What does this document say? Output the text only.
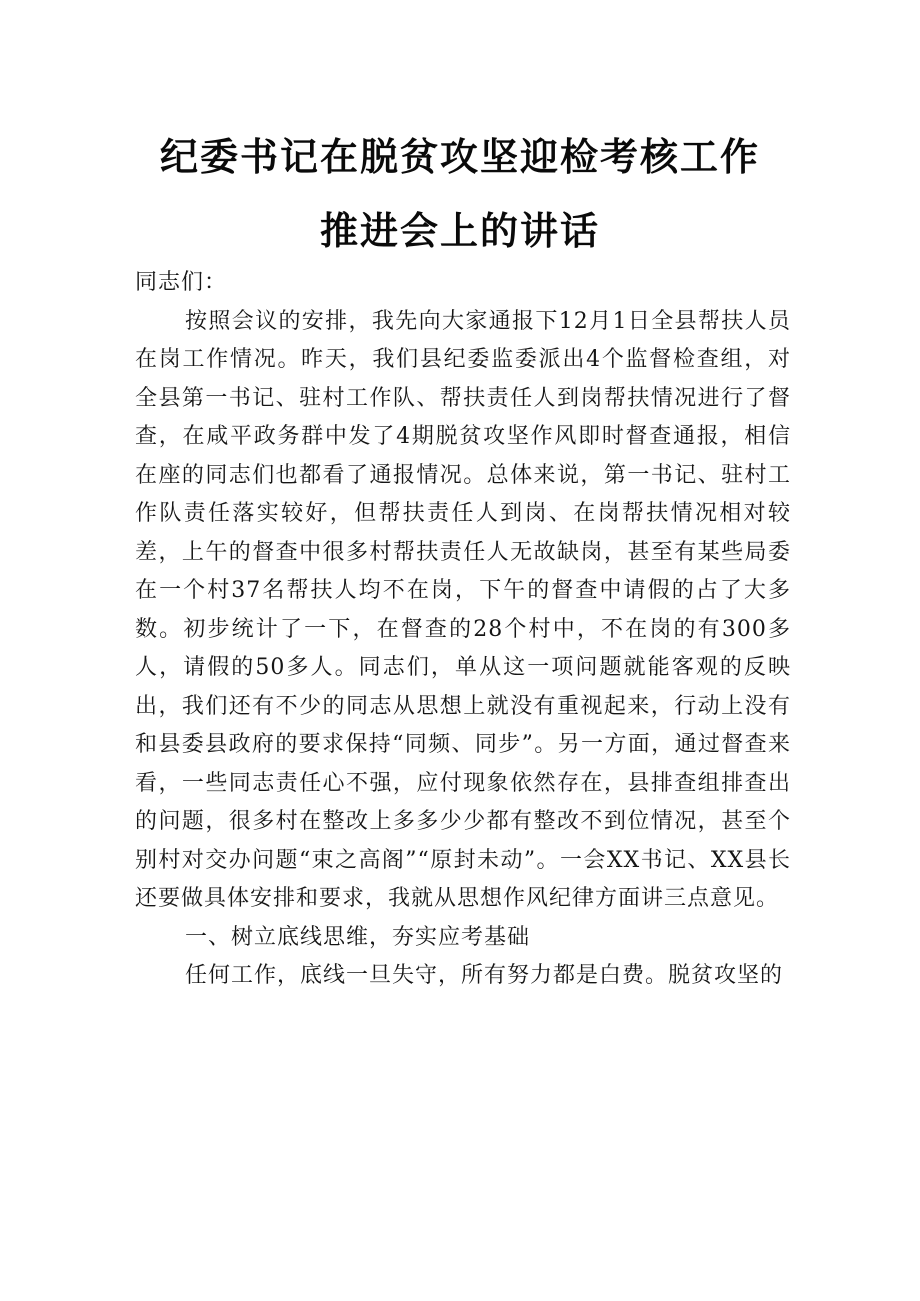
纪委书记在脱贫攻坚迎检考核工作
推进会上的讲话

同志们：

按照会议的安排，我先向大家通报下12月1日全县帮扶人员在岗工作情况。昨天，我们县纪委监委派出4个监督检查组，对全县第一书记、驻村工作队、帮扶责任人到岗帮扶情况进行了督查，在咸平政务群中发了4期脱贫攻坚作风即时督查通报，相信在座的同志们也都看了通报情况。总体来说，第一书记、驻村工作队责任落实较好，但帮扶责任人到岗、在岗帮扶情况相对较差，上午的督查中很多村帮扶责任人无故缺岗，甚至有某些局委在一个村37名帮扶人均不在岗，下午的督查中请假的占了大多数。初步统计了一下，在督查的28个村中，不在岗的有300多人，请假的50多人。同志们，单从这一项问题就能客观的反映出，我们还有不少的同志从思想上就没有重视起来，行动上没有和县委县政府的要求保持“同频、同步”。另一方面，通过督查来看，一些同志责任心不强，应付现象依然存在，县排查组排查出的问题，很多村在整改上多多少少都有整改不到位情况，甚至个别村对交办问题“束之高阁”“原封未动”。一会XX书记、XX县长还要做具体安排和要求，我就从思想作风纪律方面讲三点意见。

一、树立底线思维，夯实应考基础

任何工作，底线一旦失守，所有努力都是白费。脱贫攻坚的
